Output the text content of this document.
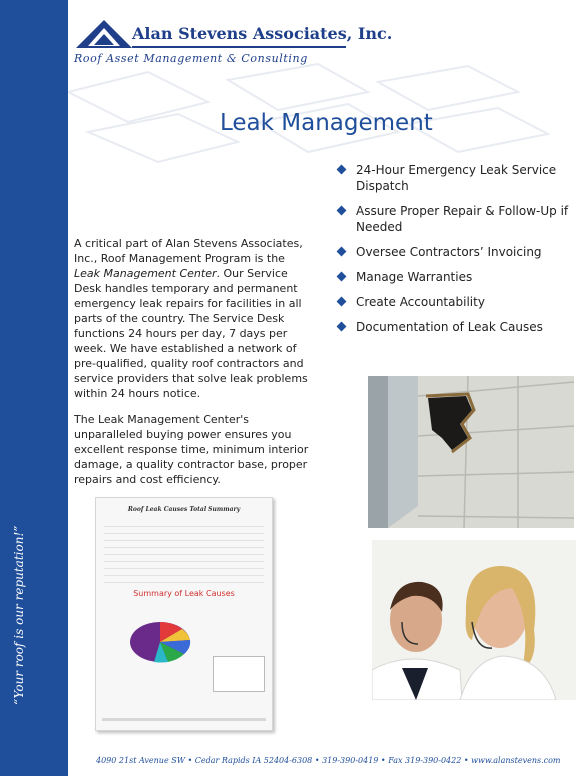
“Your roof is our reputation!”
Alan Stevens Associates, Inc.
Roof Asset Management & Consulting
Leak Management
24-Hour Emergency Leak Service Dispatch
Assure Proper Repair & Follow-Up if Needed
Oversee Contractors’ Invoicing
Manage Warranties
Create Accountability
Documentation of Leak Causes

A critical part of Alan Stevens Associates, Inc., Roof Management Program is the Leak Management Center. Our Service Desk handles temporary and permanent emergency leak repairs for facilities in all parts of the country. The Service Desk functions 24 hours per day, 7 days per week. We have established a network of pre-qualified, quality roof contractors and service providers that solve leak problems within 24 hours notice.

The Leak Management Center's unparalleled buying power ensures you excellent response time, minimum interior damage, a quality contractor base, proper repairs and cost efficiency.

Roof Leak Causes Total Summary

Summary of Leak Causes
4090 21st Avenue SW • Cedar Rapids IA 52404-6308 • 319-390-0419 • Fax 319-390-0422 • www.alanstevens.com
